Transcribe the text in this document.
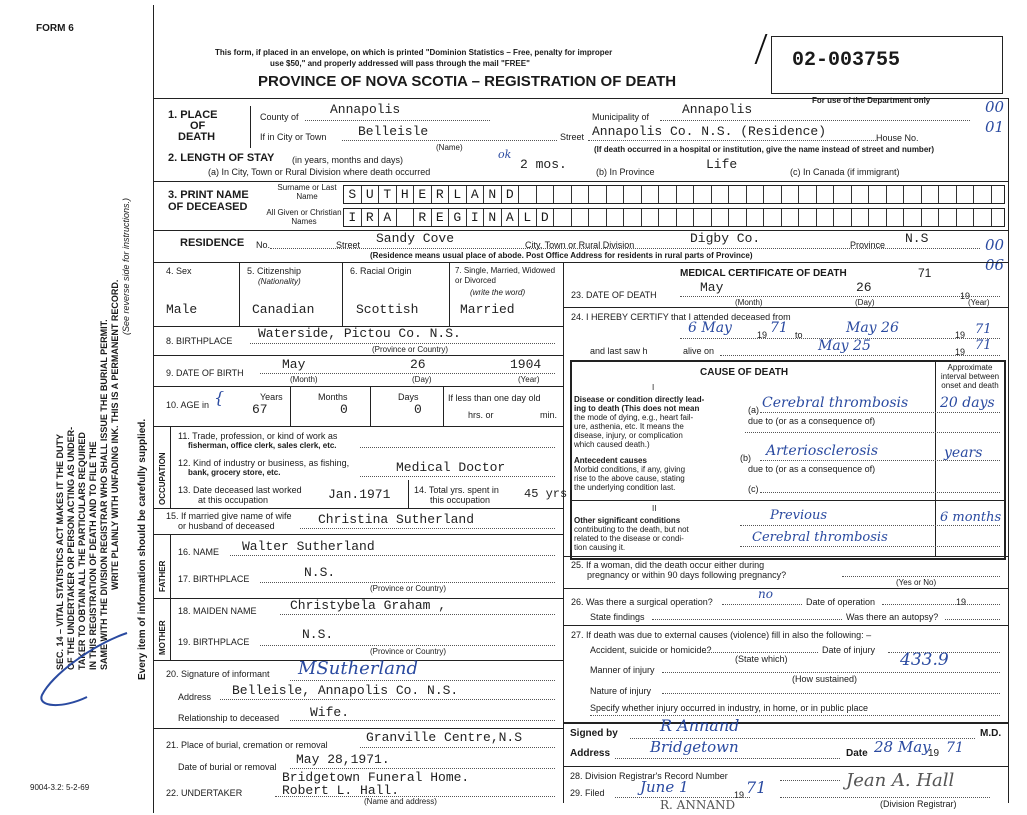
FORM 6
This form, if placed in an envelope, on which is printed "Dominion Statistics – Free, penalty for improper
use $50," and properly addressed will pass through the mail "FREE"
PROVINCE OF NOVA SCOTIA – REGISTRATION OF DEATH
02-003755
For use of the Department only	00
01
00
06
SEC. 14 – VITAL STATISTICS ACT MAKES IT THE DUTY OF THE UNDERTAKER OR PERSON ACTING AS UNDER- TAKER TO OBTAIN ALL THE PARTICULARS REQUIRED IN THIS REGISTRATION OF DEATH AND TO FILE THE SAME WITH THE DIVISION REGISTRAR WHO SHALL ISSUE THE BURIAL PERMIT. WRITE PLAINLY WITH UNFADING INK. THIS IS A PERMANENT RECORD.
(See reverse side for instructions.)
Every item of information should be carefully supplied.
1. PLACE
OF
DEATH
County of Annapolis	Municipality of	Annapolis
If in City or Town Belleisle
(Name)
Street Annapolis Co. N.S. (Residence)	House No.
(If death occurred in a hospital or institution, give the name instead of street and number)
2. LENGTH OF STAY (in years, months and days)	ok
(a) In City, Town or Rural Division where death occurred	2 mos.	(b) In Province	Life	(c) In Canada (if immigrant)
3. PRINT NAME
OF DECEASED
Surname or Last Name
All Given or Christian Names
S U T H E R L A N D
I R A	R E G I N A L D
RESIDENCE No.	Street Sandy Cove	City, Town or Rural Division	Digby Co.	Province N.S
(Residence means usual place of abode. Post Office Address for residents in rural parts of Province)
4. Sex
Male
5. Citizenship
(Nationality)
Canadian
6. Racial Origin
Scottish
7. Single, Married, Widowed or Divorced
(write the word)
Married
8. BIRTHPLACE Waterside, Pictou Co. N.S.
(Province or Country)
9. DATE OF BIRTH
May	26	1904
(Month)	(Day)	(Year)
10. AGE in {	Years	Months	Days
67	0	0
If less than one day old
hrs. or	min.
OCCUPATION
11. Trade, profession, or kind of work as
fisherman, office clerk, sales clerk, etc.
12. Kind of industry or business, as fishing,
bank, grocery store, etc.	Medical Doctor
13. Date deceased last worked
at this occupation	Jan.1971	14. Total yrs. spent in
this occupation	45 yrs
15. If married give name of wife
or husband of deceased	Christina Sutherland
FATHER
16. NAME Walter Sutherland
17. BIRTHPLACE	N.S.
(Province or Country)
MOTHER
18. MAIDEN NAME	Christybela Graham ,
19. BIRTHPLACE	N.S.
(Province or Country)
20. Signature of informant MSutherland
Address Belleisle, Annapolis Co. N.S.
Relationship to deceased Wife.
21. Place of burial, cremation or removal	Granville Centre,N.S
Date of burial or removal May 28,1971.
22. UNDERTAKER
Bridgetown Funeral Home.
Robert L. Hall.
(Name and address)
MEDICAL CERTIFICATE OF DEATH	71
23. DATE OF DEATH	May	26
19
(Month)	(Day)	(Year)
24. I HEREBY CERTIFY that I attended deceased from
6 May	19 71 to	May 26	19 71
and last saw h	alive on	May 25	19 71
CAUSE OF DEATH	Approximate interval between onset and death
I
Disease or condition directly lead-
ing to death (This does not mean
the mode of dying, e.g., heart fail-
ure, asthenia, etc. It means the
disease, injury, or complication
which caused death.)
(a) Cerebral thrombosis 20 days
due to (or as a consequence of)
Antecedent causes
Morbid conditions, if any, giving
rise to the above cause, stating
the underlying condition last.
(b) Arteriosclerosis	years
due to (or as a consequence of)
(c)
II
Other significant conditions
contributing to the death, but not
related to the disease or condi-
tion causing it.
Previous
Cerebral thrombosis
6 months
25. If a woman, did the death occur either during
pregnancy or within 90 days following pregnancy?
(Yes or No)
26. Was there a surgical operation?
no
Date of operation	19
State findings	Was there an autopsy?
27. If death was due to external causes (violence) fill in also the following: –
Accident, suicide or homicide?	Date of injury
(State which)	433.9
Manner of injury
(How sustained)
Nature of injury
Specify whether injury occurred in industry, in home, or in public place
Signed by	R Annand	M.D.
Address	Bridgetown	Date 28 May
19 71
28. Division Registrar's Record Number
29. Filed June 1	19 71	Jean A. Hall
(Division Registrar)
R. ANNAND
9004-3.2: 5-2-69
